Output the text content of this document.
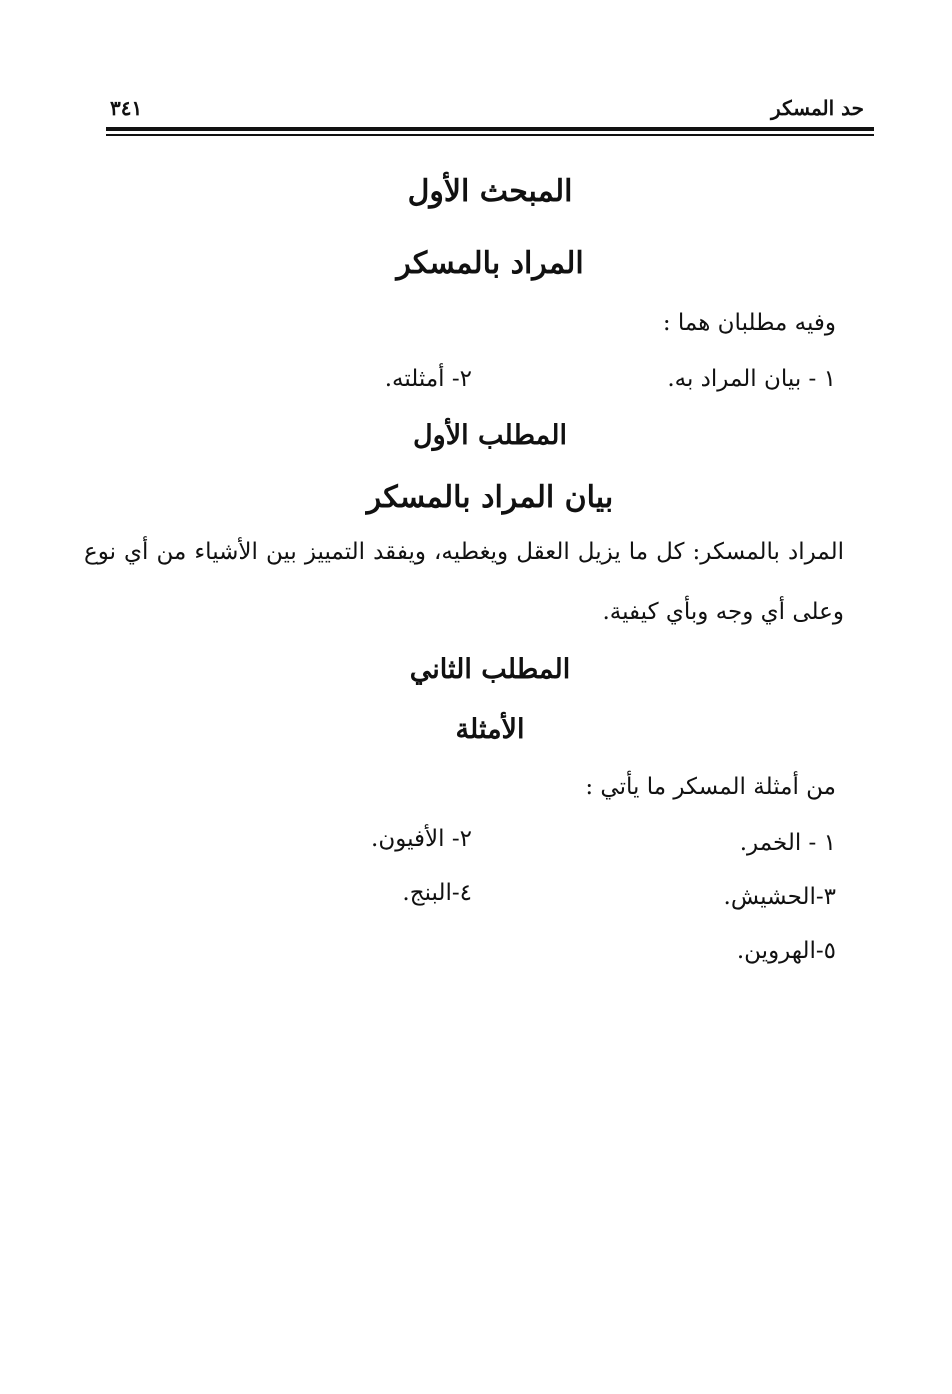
حد المسكر
٣٤١
المبحث الأول
المراد بالمسكر

وفيه مطلبان هما :

١ - بيان المراد به.

٢- أمثلته.

المطلب الأول
بيان المراد بالمسكر

المراد بالمسكر: كل ما يزيل العقل ويغطيه، ويفقد التمييز بين الأشياء من أي نوع وعلى أي وجه وبأي كيفية.

المطلب الثاني
الأمثلة

من أمثلة المسكر ما يأتي :

١ - الخمر.

٢- الأفيون.

٣-الحشيش.

٤-البنج.

٥-الهروين.
